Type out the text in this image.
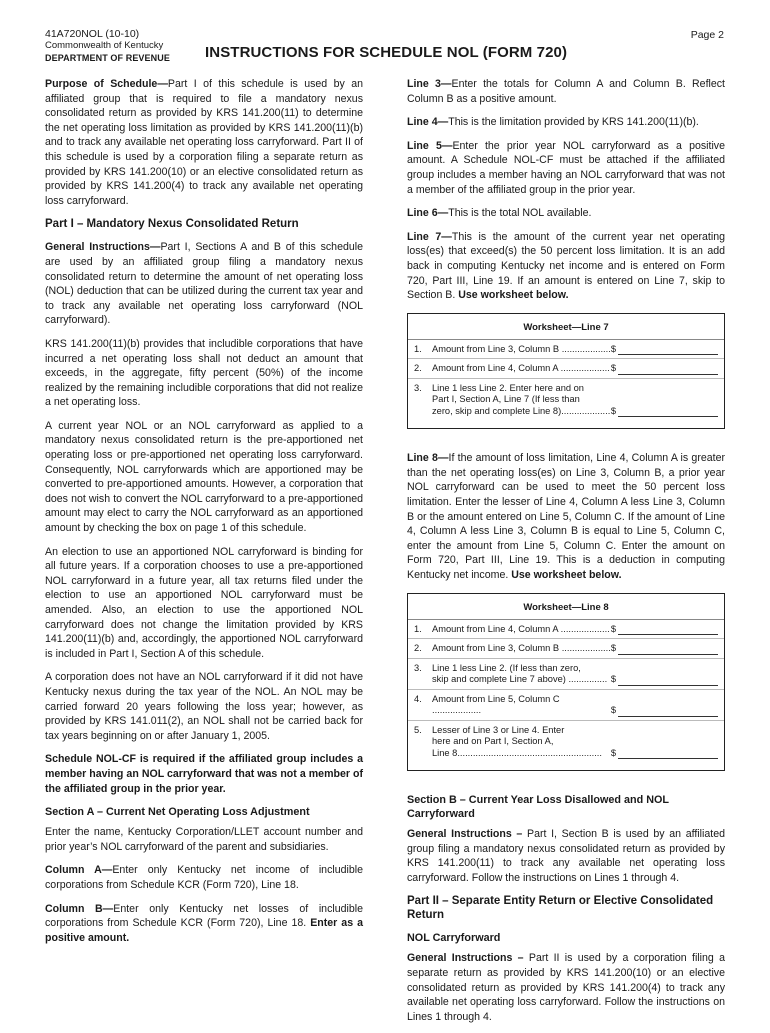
41A720NOL (10-10)
Commonwealth of Kentucky
DEPARTMENT OF REVENUE
Page 2
INSTRUCTIONS FOR SCHEDULE NOL (FORM 720)

Purpose of Schedule—Part I of this schedule is used by an affiliated group that is required to file a mandatory nexus consolidated return as provided by KRS 141.200(11) to determine the net operating loss limitation as provided by KRS 141.200(11)(b) and to track any available net operating loss carryforward. Part II of this schedule is used by a corporation filing a separate return as provided by KRS 141.200(10) or an elective consolidated return as provided by KRS 141.200(4) to track any available net operating loss carryforward.

Part I – Mandatory Nexus Consolidated Return

General Instructions—Part I, Sections A and B of this schedule are used by an affiliated group filing a mandatory nexus consolidated return to determine the amount of net operating loss (NOL) deduction that can be utilized during the current tax year and to track any available net operating loss carryforward (NOL carryforward).

KRS 141.200(11)(b) provides that includible corporations that have incurred a net operating loss shall not deduct an amount that exceeds, in the aggregate, fifty percent (50%) of the income realized by the remaining includible corporations that did not realize a net operating loss.

A current year NOL or an NOL carryforward as applied to a mandatory nexus consolidated return is the pre-apportioned net operating loss or pre-apportioned net operating loss carryforward. Consequently, NOL carryforwards which are apportioned may be converted to pre-apportioned amounts. However, a corporation that does not wish to convert the NOL carryforward to a pre-apportioned amount may elect to carry the NOL carryforward as an apportioned amount by checking the box on page 1 of this schedule.

An election to use an apportioned NOL carryforward is binding for all future years. If a corporation chooses to use a pre-apportioned NOL carryforward in a future year, all tax returns filed under the election to use an apportioned NOL carryforward must be amended. Also, an election to use the apportioned NOL carryforward does not change the limitation provided by KRS 141.200(11)(b) and, accordingly, the apportioned NOL carryforward is included in Part I, Section A of this schedule.

A corporation does not have an NOL carryforward if it did not have Kentucky nexus during the tax year of the NOL. An NOL may be carried forward 20 years following the loss year; however, as provided by KRS 141.011(2), an NOL shall not be carried back for tax years beginning on or after January 1, 2005.

Schedule NOL-CF is required if the affiliated group includes a member having an NOL carryforward that was not a member of the affiliated group in the prior year.

Section A – Current Net Operating Loss Adjustment

Enter the name, Kentucky Corporation/LLET account number and prior year’s NOL carryforward of the parent and subsidiaries.

Column A—Enter only Kentucky net income of includible corporations from Schedule KCR (Form 720), Line 18.

Column B—Enter only Kentucky net losses of includible corporations from Schedule KCR (Form 720), Line 18. Enter as a positive amount.

Line 3—Enter the totals for Column A and Column B. Reflect Column B as a positive amount.

Line 4—This is the limitation provided by KRS 141.200(11)(b).

Line 5—Enter the prior year NOL carryforward as a positive amount. A Schedule NOL-CF must be attached if the affiliated group includes a member having an NOL carryforward that was not a member of the affiliated group in the prior year.

Line 6—This is the total NOL available.

Line 7—This is the amount of the current year net operating loss(es) that exceed(s) the 50 percent loss limitation. It is an add back in computing Kentucky net income and is entered on Form 720, Part III, Line 19. If an amount is entered on Line 7, skip to Section B. Use worksheet below.

Worksheet—Line 7
1.	Amount from Line 3, Column B ................... $
2.	Amount from Line 4, Column A ................... $
3.	Line 1 less Line 2. Enter here and on
Part I, Section A, Line 7 (If less than
zero, skip and complete Line 8)................... $

Line 8—If the amount of loss limitation, Line 4, Column A is greater than the net operating loss(es) on Line 3, Column B, a prior year NOL carryforward can be used to meet the 50 percent loss limitation. Enter the lesser of Line 4, Column A less Line 3, Column B or the amount entered on Line 5, Column C. If the amount of Line 4, Column A less Line 3, Column B is equal to Line 5, Column C, enter the amount from Line 5, Column C. Enter the amount on Form 720, Part III, Line 19. This is a deduction in computing Kentucky net income. Use worksheet below.

Worksheet—Line 8
1.	Amount from Line 4, Column A ................... $
2.	Amount from Line 3, Column B ................... $
3.	Line 1 less Line 2. (If less than zero,
skip and complete Line 7 above) ............... $
4.	Amount from Line 5, Column C ...................	$
5.	Lesser of Line 3 or Line 4. Enter
here and on Part I, Section A,
Line 8........................................................ $
Section B – Current Year Loss Disallowed and NOL Carryforward

General Instructions – Part I, Section B is used by an affiliated group filing a mandatory nexus consolidated return as provided by KRS 141.200(11) to track any available net operating loss carryforward. Follow the instructions on Lines 1 through 4.

Part II – Separate Entity Return or Elective Consolidated Return
NOL Carryforward

General Instructions – Part II is used by a corporation filing a separate return as provided by KRS 141.200(10) or an elective consolidated return as provided by KRS 141.200(4) to track any available net operating loss carryforward. Follow the instructions on Lines 1 through 4.
